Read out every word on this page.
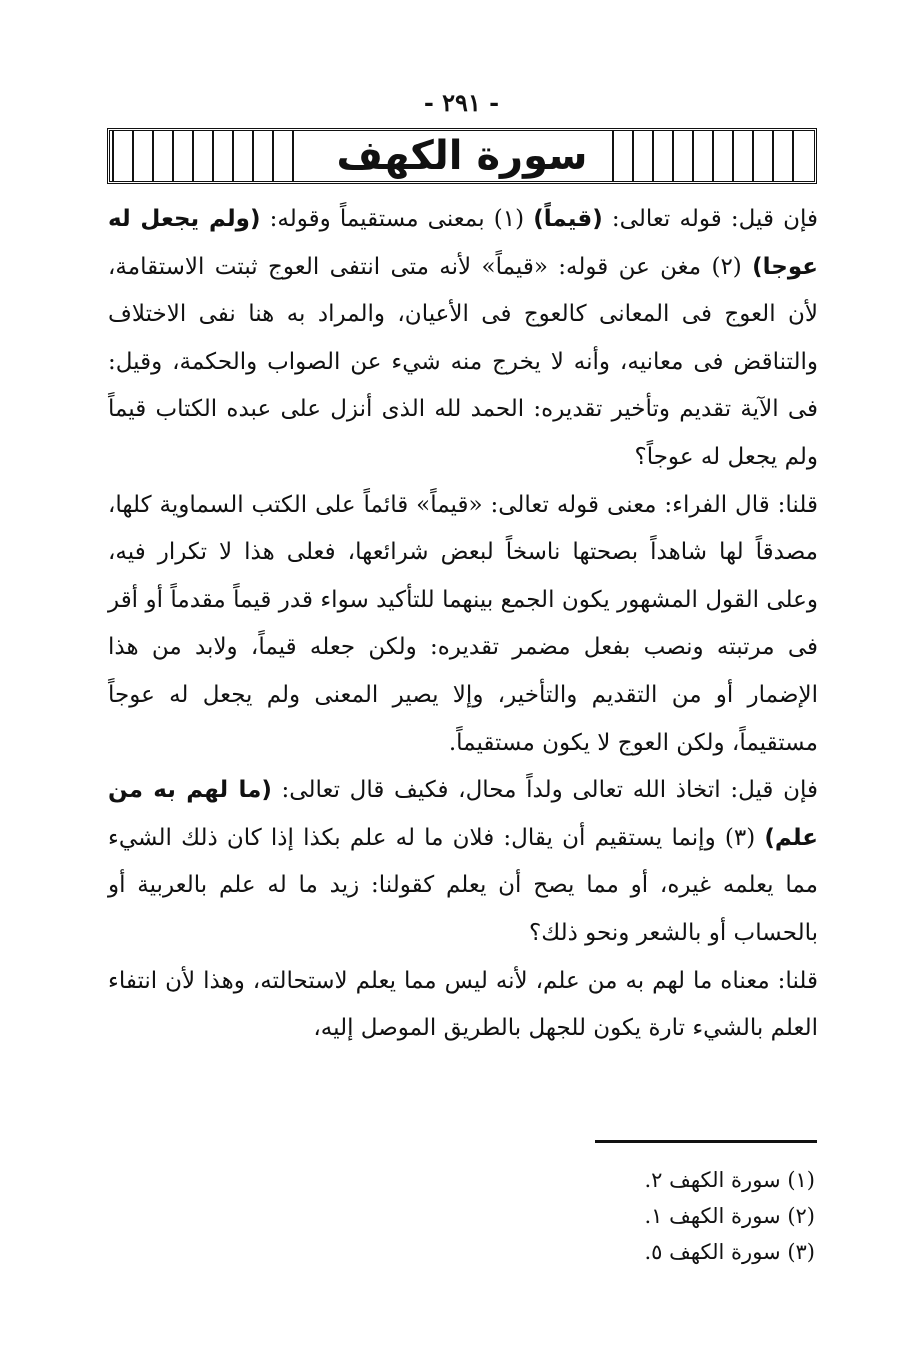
- ٢٩١ -
سورة الكهف

فإن قيل: قوله تعالى: (قيماً) (١) بمعنى مستقيماً وقوله: (ولم يجعل له عوجا) (٢) مغن عن قوله: «قيماً» لأنه متى انتفى العوج ثبتت الاستقامة، لأن العوج فى المعانى كالعوج فى الأعيان، والمراد به هنا نفى الاختلاف والتناقض فى معانيه، وأنه لا يخرج منه شيء عن الصواب والحكمة، وقيل: فى الآية تقديم وتأخير تقديره: الحمد لله الذى أنزل على عبده الكتاب قيماً ولم يجعل له عوجاً؟

قلنا: قال الفراء: معنى قوله تعالى: «قيماً» قائماً على الكتب السماوية كلها، مصدقاً لها شاهداً بصحتها ناسخاً لبعض شرائعها، فعلى هذا لا تكرار فيه، وعلى القول المشهور يكون الجمع بينهما للتأكيد سواء قدر قيماً مقدماً أو أقر فى مرتبته ونصب بفعل مضمر تقديره: ولكن جعله قيماً، ولابد من هذا الإضمار أو من التقديم والتأخير، وإلا يصير المعنى ولم يجعل له عوجاً مستقيماً، ولكن العوج لا يكون مستقيماً.

فإن قيل: اتخاذ الله تعالى ولداً محال، فكيف قال تعالى: (ما لهم به من علم) (٣) وإنما يستقيم أن يقال: فلان ما له علم بكذا إذا كان ذلك الشيء مما يعلمه غيره، أو مما يصح أن يعلم كقولنا: زيد ما له علم بالعربية أو بالحساب أو بالشعر ونحو ذلك؟

قلنا: معناه ما لهم به من علم، لأنه ليس مما يعلم لاستحالته، وهذا لأن انتفاء العلم بالشيء تارة يكون للجهل بالطريق الموصل إليه،

(١) سورة الكهف ٢.
(٢) سورة الكهف ١.
(٣) سورة الكهف ٥.
